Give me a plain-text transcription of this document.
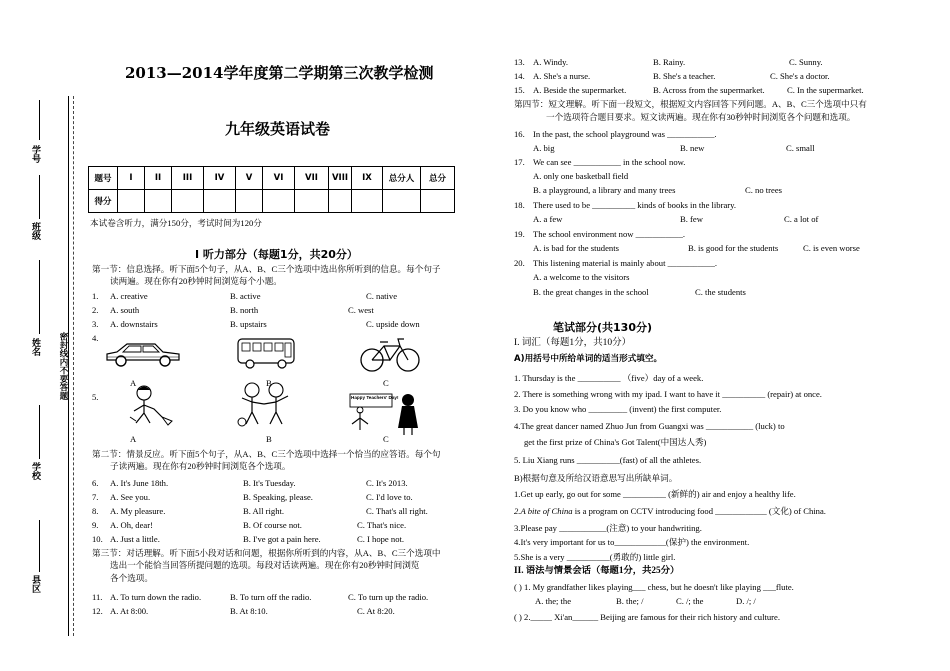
学号
班级
姓名 密封线内不要答题
学校
县区
2013—2014学年度第二学期第三次教学检测
九年级英语试卷
题号	I	II	III	IV	V	VI	VII	VIII	IX	总分人	总分
得分											
本试卷含听力，满分150分，考试时间为120分
Ⅰ 听力部分（每题1分，共20分）
第一节：信息选择。听下面5个句子，从A、B、C三个选项中选出你所听到的信息。每个句子
读两遍。现在你有20秒钟时间浏览每个小题。
1. A. creative	B. active	C. native
2. A. south	B. north	C. west
3. A. downstairs	B. upstairs	C. upside down
4.
A	B	C
5.	Happy Teachers' Day!
A	B	C
第二节：情景反应。听下面5个句子，从A、B、C三个选项中选择一个恰当的应答语。每个句
子读两遍。现在你有20秒钟时间浏览各个选项。
6. A. It's June 18th.	B. It's Tuesday.	C. It's 2013.
7. A. See you.	B. Speaking, please.	C. I'd love to.
8. A. My pleasure.	B. All right.	C. That's all right.
9. A. Oh, dear!	B. Of course not.	C. That's nice.
10. A. Just a little.	B. I've got a pain here.	C. I hope not.
第三节：对话理解。听下面5小段对话和问题，根据你所听到的内容，从A、B、C三个选项中
选出一个能恰当回答所提问题的选项。每段对话读两遍。现在你有20秒钟时间浏览
各个选项。
11. A. To turn down the radio.	B. To turn off the radio.	C. To turn up the radio.
12. A. At 8:00.	B. At 8:10.	C. At 8:20.
13. A. Windy.	B. Rainy.	C. Sunny.
14. A. She's a nurse.	B. She's a teacher.	C. She's a doctor.
15. A. Beside the supermarket.	B. Across from the supermarket.	C. In the supermarket.
第四节：短文理解。听下面一段短文，根据短文内容回答下列问题。A、B、C三个选项中只有
一个选项符合题目要求。短文读两遍。现在你有30秒钟时间浏览各个问题和选项。
16. In the past, the school playground was ___________.
A. big	B. new	C. small
17. We can see ___________ in the school now.
A. only one basketball field
B. a playground, a library and many trees	C. no trees
18. There used to be __________ kinds of books in the library.
A. a few	B. few	C. a lot of
19. The school environment now ___________.
A. is bad for the students	B. is good for the students	C. is even worse
20. This listening material is mainly about ___________.
A. a welcome to the visitors
B. the great changes in the school	C. the students
笔试部分(共130分)
I. 词汇（每题1分，共10分）
A)用括号中所给单词的适当形式填空。
1. Thursday is the __________ （five）day of a week.
2. There is something wrong with my ipad. I want to have it __________ (repair) at once.
3. Do you know who _________ (invent) the first computer.
4.The great dancer named Zhuo Jun from Guangxi was ___________ (luck) to
get the first prize of China's Got Talent(中国达人秀)
5. Liu Xiang runs __________(fast) of all the athletes.
B)根据句意及所给汉语意思写出所缺单词。
1.Get up early, go out for some __________ (新鲜的) air and enjoy a healthy life.
2.A bite of China is a program on CCTV introducing food ____________ (文化) of China.
3.Please pay ___________(注意) to your handwriting.
4.It's very important for us to____________(保护) the environment.
5.She is a very __________(勇敢的) little girl.
II. 语法与情景会话（每题1分，共25分）
( ) 1. My grandfather likes playing___ chess, but he doesn't like playing ___flute.
A. the; the	B. the; /	C. /; the	D. /; /
( ) 2._____ Xi'an______ Beijing are famous for their rich history and culture.
